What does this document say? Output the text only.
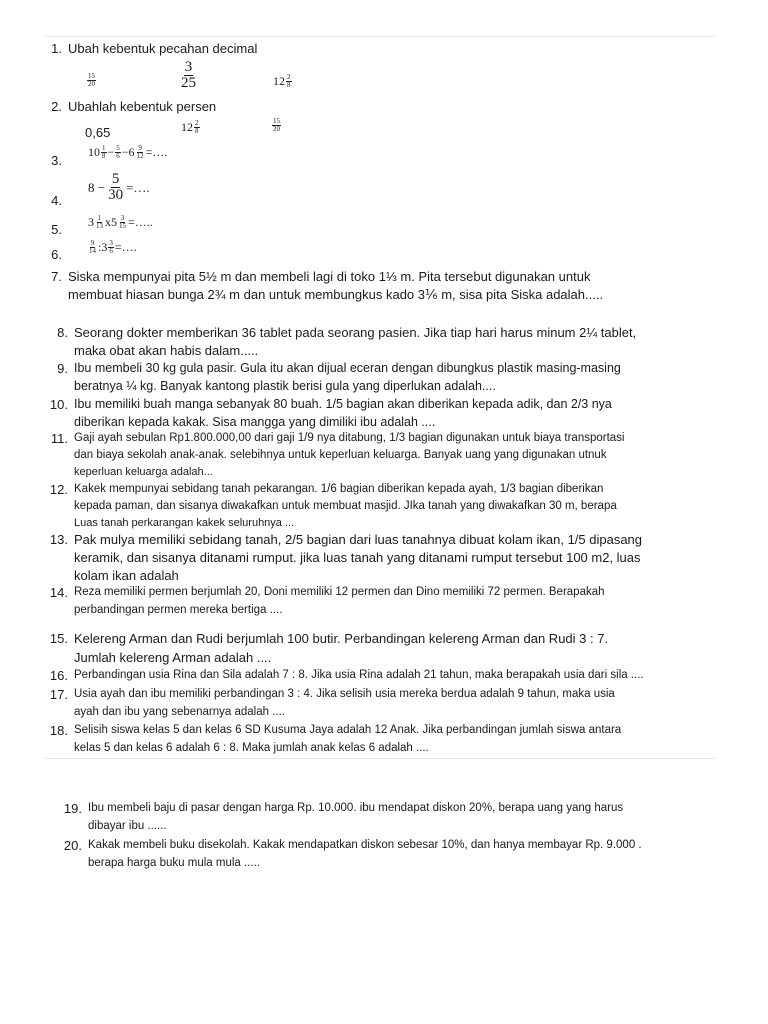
1. Ubah kebentuk pecahan decimal
$\frac{15}{20}$	$\frac{3}{25}$	$12 \frac{2}{8}$
2. Ubahlah kebentuk persen
0,65	$12 \frac{2}{8}$	$\frac{15}{20}$
3.
$10 \frac{1}{8} - \frac{5}{6} -6 \frac{9}{12}$ =….
4.
$8 - \frac{5}{30}$ =….
5. $3 \frac{1}{13} x5 \frac{3}{15}$ =…..
6.	$\frac{9}{14}$ :3 $\frac{3}{6}$ =….
7. Siska mempunyai pita 5½ m dan membeli lagi di toko 1⅓ m. Pita tersebut digunakan untuk
membuat hiasan bunga 2¾ m dan untuk membungkus kado 3⅙ m, sisa pita Siska adalah.....
8. Seorang dokter memberikan 36 tablet pada seorang pasien. Jika tiap hari harus minum 2¼ tablet,
maka obat akan habis dalam.....
9. Ibu membeli 30 kg gula pasir. Gula itu akan dijual eceran dengan dibungkus plastik masing-masing
beratnya ¼ kg. Banyak kantong plastik berisi gula yang diperlukan adalah....
10. Ibu memiliki buah manga sebanyak 80 buah. 1/5 bagian akan diberikan kepada adik, dan 2/3 nya
diberikan kepada kakak. Sisa mangga yang dimiliki ibu adalah ....
11. Gaji ayah sebulan Rp1.800.000,00 dari gaji 1/9 nya ditabung, 1/3 bagian digunakan untuk biaya transportasi
dan biaya sekolah anak-anak. selebihnya untuk keperluan keluarga. Banyak uang yang digunakan utnuk
keperluan keluarga adalah...
12. Kakek mempunyai sebidang tanah pekarangan. 1/6 bagian diberikan kepada ayah, 1/3 bagian diberikan
kepada paman, dan sisanya diwakafkan untuk membuat masjid. JIka tanah yang diwakafkan 30 m, berapa
Luas tanah perkarangan kakek seluruhnya ...
13. Pak mulya memiliki sebidang tanah, 2/5 bagian dari luas tanahnya dibuat kolam ikan, 1/5 dipasang
keramik, dan sisanya ditanami rumput. jika luas tanah yang ditanami rumput tersebut 100 m2, luas
kolam ikan adalah
14. Reza memiliki permen berjumlah 20, Doni memiliki 12 permen dan Dino memiliki 72 permen. Berapakah
perbandingan permen mereka bertiga ....
15. Kelereng Arman dan Rudi berjumlah 100 butir. Perbandingan kelereng Arman dan Rudi 3 : 7.
Jumlah kelereng Arman adalah ....
16. Perbandingan usia Rina dan Sila adalah 7 : 8. Jika usia Rina adalah 21 tahun, maka berapakah usia dari sila ....
17. Usia ayah dan ibu memiliki perbandingan 3 : 4. Jika selisih usia mereka berdua adalah 9 tahun, maka usia
ayah dan ibu yang sebenarnya adalah ....
18. Selisih siswa kelas 5 dan kelas 6 SD Kusuma Jaya adalah 12 Anak. Jika perbandingan jumlah siswa antara
kelas 5 dan kelas 6 adalah 6 : 8. Maka jumlah anak kelas 6 adalah ....
19. Ibu membeli baju di pasar dengan harga Rp. 10.000. ibu mendapat diskon 20%, berapa uang yang harus
dibayar ibu ......
20. Kakak membeli buku disekolah. Kakak mendapatkan diskon sebesar 10%, dan hanya membayar Rp. 9.000 .
berapa harga buku mula mula .....
